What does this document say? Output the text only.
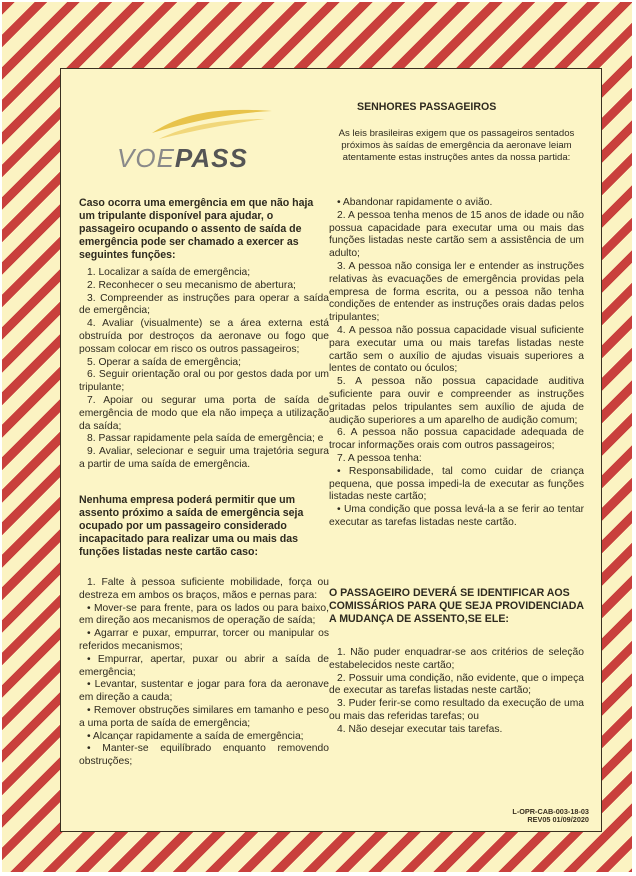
VOEPASS

Caso ocorra uma emergência em que não haja um tripulante disponível para ajudar, o passageiro ocupando o assento de saída de emergência pode ser chamado a exercer as seguintes funções:

1. Localizar a saída de emergência;

2. Reconhecer o seu mecanismo de abertura;

3. Compreender as instruções para operar a saída de emergência;

4. Avaliar (visualmente) se a área externa está obstruída por destroços da aeronave ou fogo que possam colocar em risco os outros passageiros;

5. Operar a saída de emergência;

6. Seguir orientação oral ou por gestos dada por um tripulante;

7. Apoiar ou segurar uma porta de saída de emergência de modo que ela não impeça a utilização da saída;

8. Passar rapidamente pela saída de emergência; e

9. Avaliar, selecionar e seguir uma trajetória segura a partir de uma saída de emergência.

Nenhuma empresa poderá permitir que um assento próximo a saída de emergência seja ocupado por um passageiro considerado incapacitado para realizar uma ou mais das funções listadas neste cartão caso:

1. Falte à pessoa suficiente mobilidade, força ou destreza em ambos os braços, mãos e pernas para:

• Mover-se para frente, para os lados ou para baixo, em direção aos mecanismos de operação de saída;

• Agarrar e puxar, empurrar, torcer ou manipular os referidos mecanismos;

• Empurrar, apertar, puxar ou abrir a saída de emergência;

• Levantar, sustentar e jogar para fora da aeronave em direção a cauda;

• Remover obstruções similares em tamanho e peso a uma porta de saída de emergência;

• Alcançar rapidamente a saída de emergência;

• Manter-se equilíbrado enquanto removendo obstruções;

SENHORES PASSAGEIROS

As leis brasileiras exigem que os passageiros sentados próximos às saídas de emergência da aeronave leiam atentamente estas instruções antes da nossa partida:

• Abandonar rapidamente o avião.

2. A pessoa tenha menos de 15 anos de idade ou não possua capacidade para executar uma ou mais das funções listadas neste cartão sem a assistência de um adulto;

3. A pessoa não consiga ler e entender as instruções relativas às evacuações de emergência providas pela empresa de forma escrita, ou a pessoa não tenha condições de entender as instruções orais dadas pelos tripulantes;

4. A pessoa não possua capacidade visual suficiente para executar uma ou mais tarefas listadas neste cartão sem o auxílio de ajudas visuais superiores a lentes de contato ou óculos;

5. A pessoa não possua capacidade auditiva suficiente para ouvir e compreender as instruções gritadas pelos tripulantes sem auxílio de ajuda de audição superiores a um aparelho de audição comum;

6. A pessoa não possua capacidade adequada de trocar informações orais com outros passageiros;

7. A pessoa tenha:

• Responsabilidade, tal como cuidar de criança pequena, que possa impedi-la de executar as funções listadas neste cartão;

• Uma condição que possa levá-la a se ferir ao tentar executar as tarefas listadas neste cartão.

O PASSAGEIRO DEVERÁ SE IDENTIFICAR AOS COMISSÁRIOS PARA QUE SEJA PROVIDENCIADA A MUDANÇA DE ASSENTO,SE ELE:

1. Não puder enquadrar-se aos critérios de seleção estabelecidos neste cartão;

2. Possuir uma condição, não evidente, que o impeça de executar as tarefas listadas neste cartão;

3. Puder ferir-se como resultado da execução de uma ou mais das referidas tarefas; ou

4. Não desejar executar tais tarefas.

L-OPR-CAB-003-18-03
REV05 01/09/2020
